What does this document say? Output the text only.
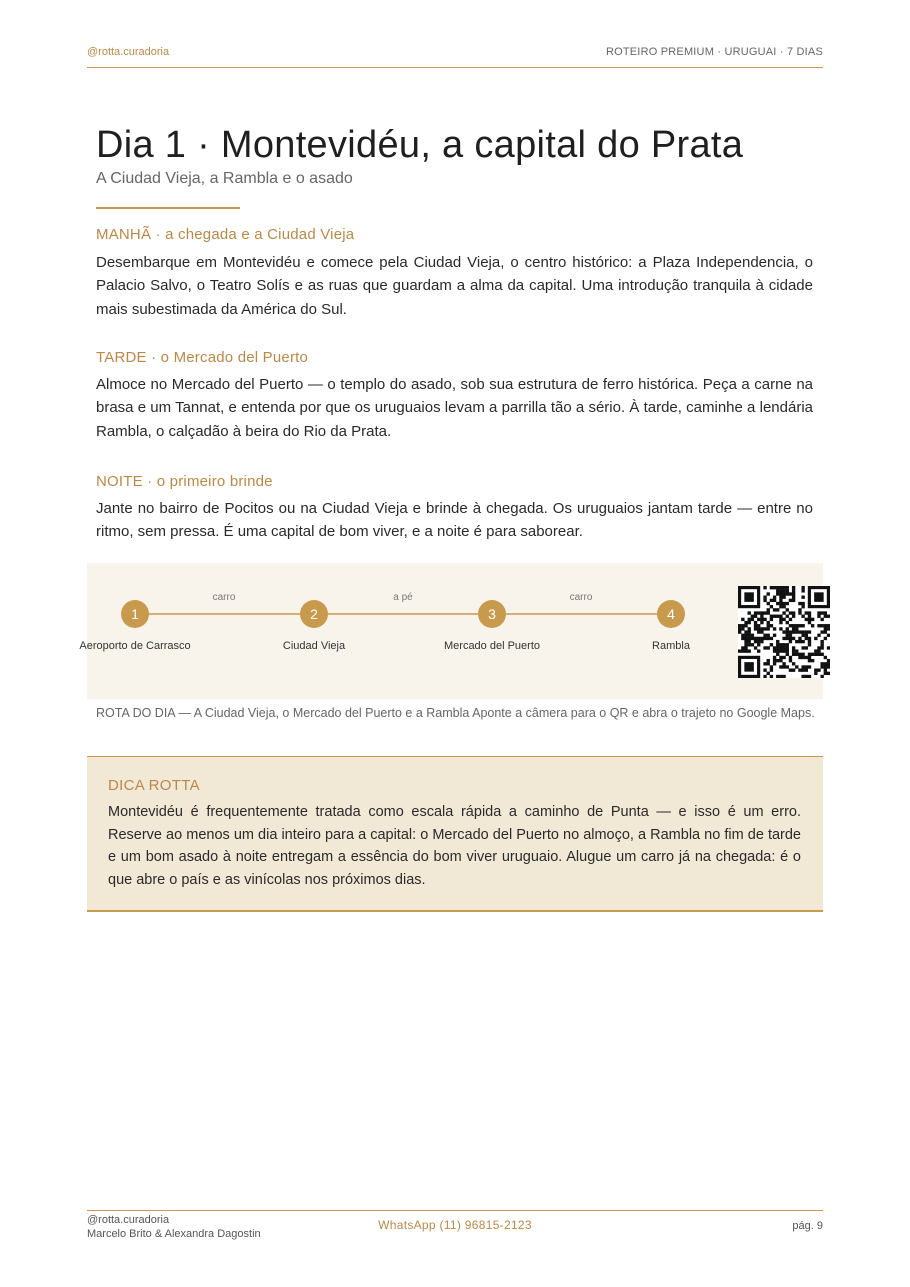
@rotta.curadoria	ROTEIRO PREMIUM · URUGUAI · 7 DIAS
Dia 1 · Montevidéu, a capital do Prata
A Ciudad Vieja, a Rambla e o asado
MANHÃ · a chegada e a Ciudad Vieja

Desembarque em Montevidéu e comece pela Ciudad Vieja, o centro histórico: a Plaza Independencia, o Palacio Salvo, o Teatro Solís e as ruas que guardam a alma da capital. Uma introdução tranquila à cidade mais subestimada da América do Sul.

TARDE · o Mercado del Puerto

Almoce no Mercado del Puerto — o templo do asado, sob sua estrutura de ferro histórica. Peça a carne na brasa e um Tannat, e entenda por que os uruguaios levam a parrilla tão a sério. À tarde, caminhe a lendária Rambla, o calçadão à beira do Rio da Prata.

NOITE · o primeiro brinde

Jante no bairro de Pocitos ou na Ciudad Vieja e brinde à chegada. Os uruguaios jantam tarde — entre no ritmo, sem pressa. É uma capital de bom viver, e a noite é para saborear.

carro	a pé	carro
1	2	3	4
Aeroporto de Carrasco	Ciudad Vieja	Mercado del Puerto	Rambla
ROTA DO DIA — A Ciudad Vieja, o Mercado del Puerto e a Rambla Aponte a câmera para o QR e abra o trajeto no Google Maps.
DICA ROTTA

Montevidéu é frequentemente tratada como escala rápida a caminho de Punta — e isso é um erro. Reserve ao menos um dia inteiro para a capital: o Mercado del Puerto no almoço, a Rambla no fim de tarde e um bom asado à noite entregam a essência do bom viver uruguaio. Alugue um carro já na chegada: é o que abre o país e as vinícolas nos próximos dias.

@rotta.curadoria
Marcelo Brito & Alexandra Dagostin
WhatsApp (11) 96815-2123	pág. 9
